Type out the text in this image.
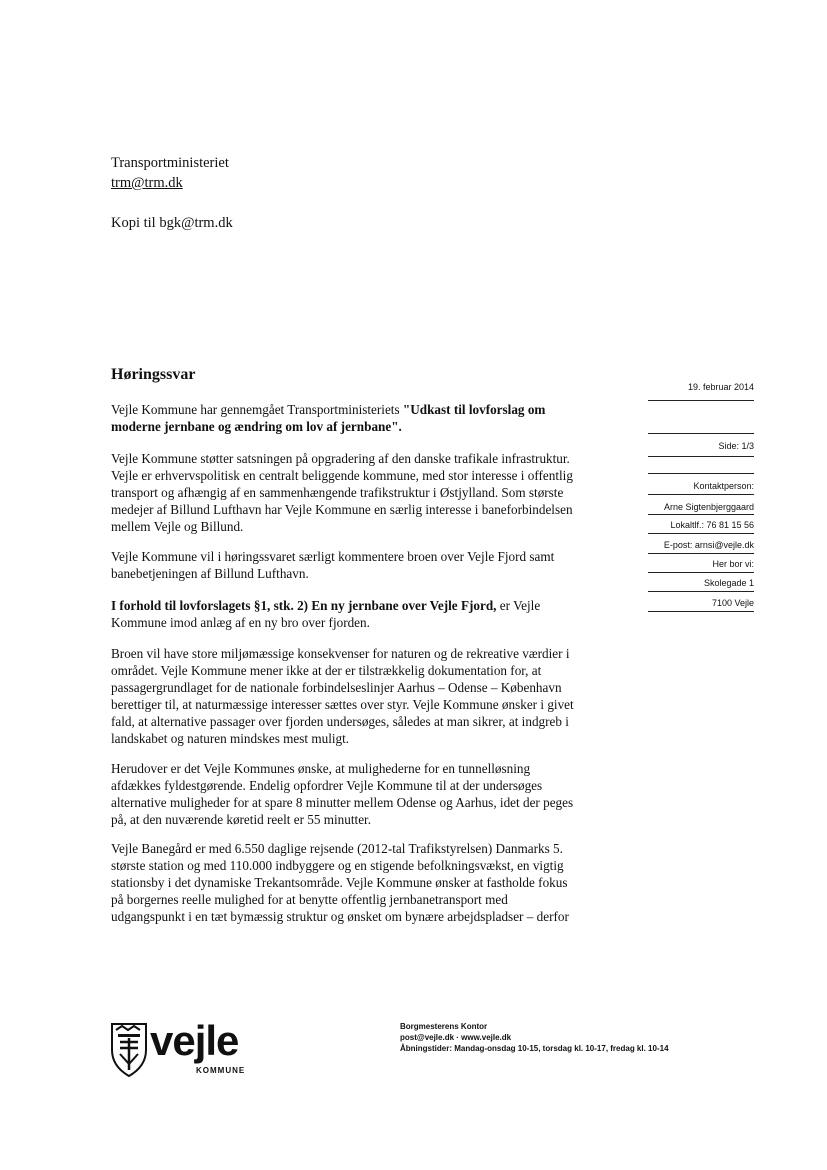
Transportministeriet
trm@trm.dk
Kopi til bgk@trm.dk
Høringssvar

Vejle Kommune har gennemgået Transportministeriets "Udkast til lovforslag om

moderne jernbane og ændring om lov af jernbane".

Vejle Kommune støtter satsningen på opgradering af den danske trafikale infrastruktur.

Vejle er erhvervspolitisk en centralt beliggende kommune, med stor interesse i offentlig

transport og afhængig af en sammenhængende trafikstruktur i Østjylland. Som største

medejer af Billund Lufthavn har Vejle Kommune en særlig interesse i baneforbindelsen

mellem Vejle og Billund.

Vejle Kommune vil i høringssvaret særligt kommentere broen over Vejle Fjord samt

banebetjeningen af Billund Lufthavn.

I forhold til lovforslagets §1, stk. 2) En ny jernbane over Vejle Fjord, er Vejle

Kommune imod anlæg af en ny bro over fjorden.

Broen vil have store miljømæssige konsekvenser for naturen og de rekreative værdier i

området. Vejle Kommune mener ikke at der er tilstrækkelig dokumentation for, at

passagergrundlaget for de nationale forbindelseslinjer Aarhus – Odense – København

berettiger til, at naturmæssige interesser sættes over styr. Vejle Kommune ønsker i givet

fald, at alternative passager over fjorden undersøges, således at man sikrer, at indgreb i

landskabet og naturen mindskes mest muligt.

Herudover er det Vejle Kommunes ønske, at mulighederne for en tunnelløsning

afdækkes fyldestgørende. Endelig opfordrer Vejle Kommune til at der undersøges

alternative muligheder for at spare 8 minutter mellem Odense og Aarhus, idet der peges

på, at den nuværende køretid reelt er 55 minutter.

Vejle Banegård er med 6.550 daglige rejsende (2012-tal Trafikstyrelsen) Danmarks 5.

største station og med 110.000 indbyggere og en stigende befolkningsvækst, en vigtig

stationsby i det dynamiske Trekantsområde. Vejle Kommune ønsker at fastholde fokus

på borgernes reelle mulighed for at benytte offentlig jernbanetransport med

udgangspunkt i en tæt bymæssig struktur og ønsket om bynære arbejdspladser – derfor

19. februar 2014
Side: 1/3
Kontaktperson:
Arne Sigtenbjerggaard
Lokaltlf.: 76 81 15 56
E-post: arnsi@vejle.dk
Her bor vi:
Skolegade 1
7100 Vejle
vejle
KOMMUNE
Borgmesterens Kontor
post@vejle.dk · www.vejle.dk
Åbningstider: Mandag-onsdag 10-15, torsdag kl. 10-17, fredag kl. 10-14
